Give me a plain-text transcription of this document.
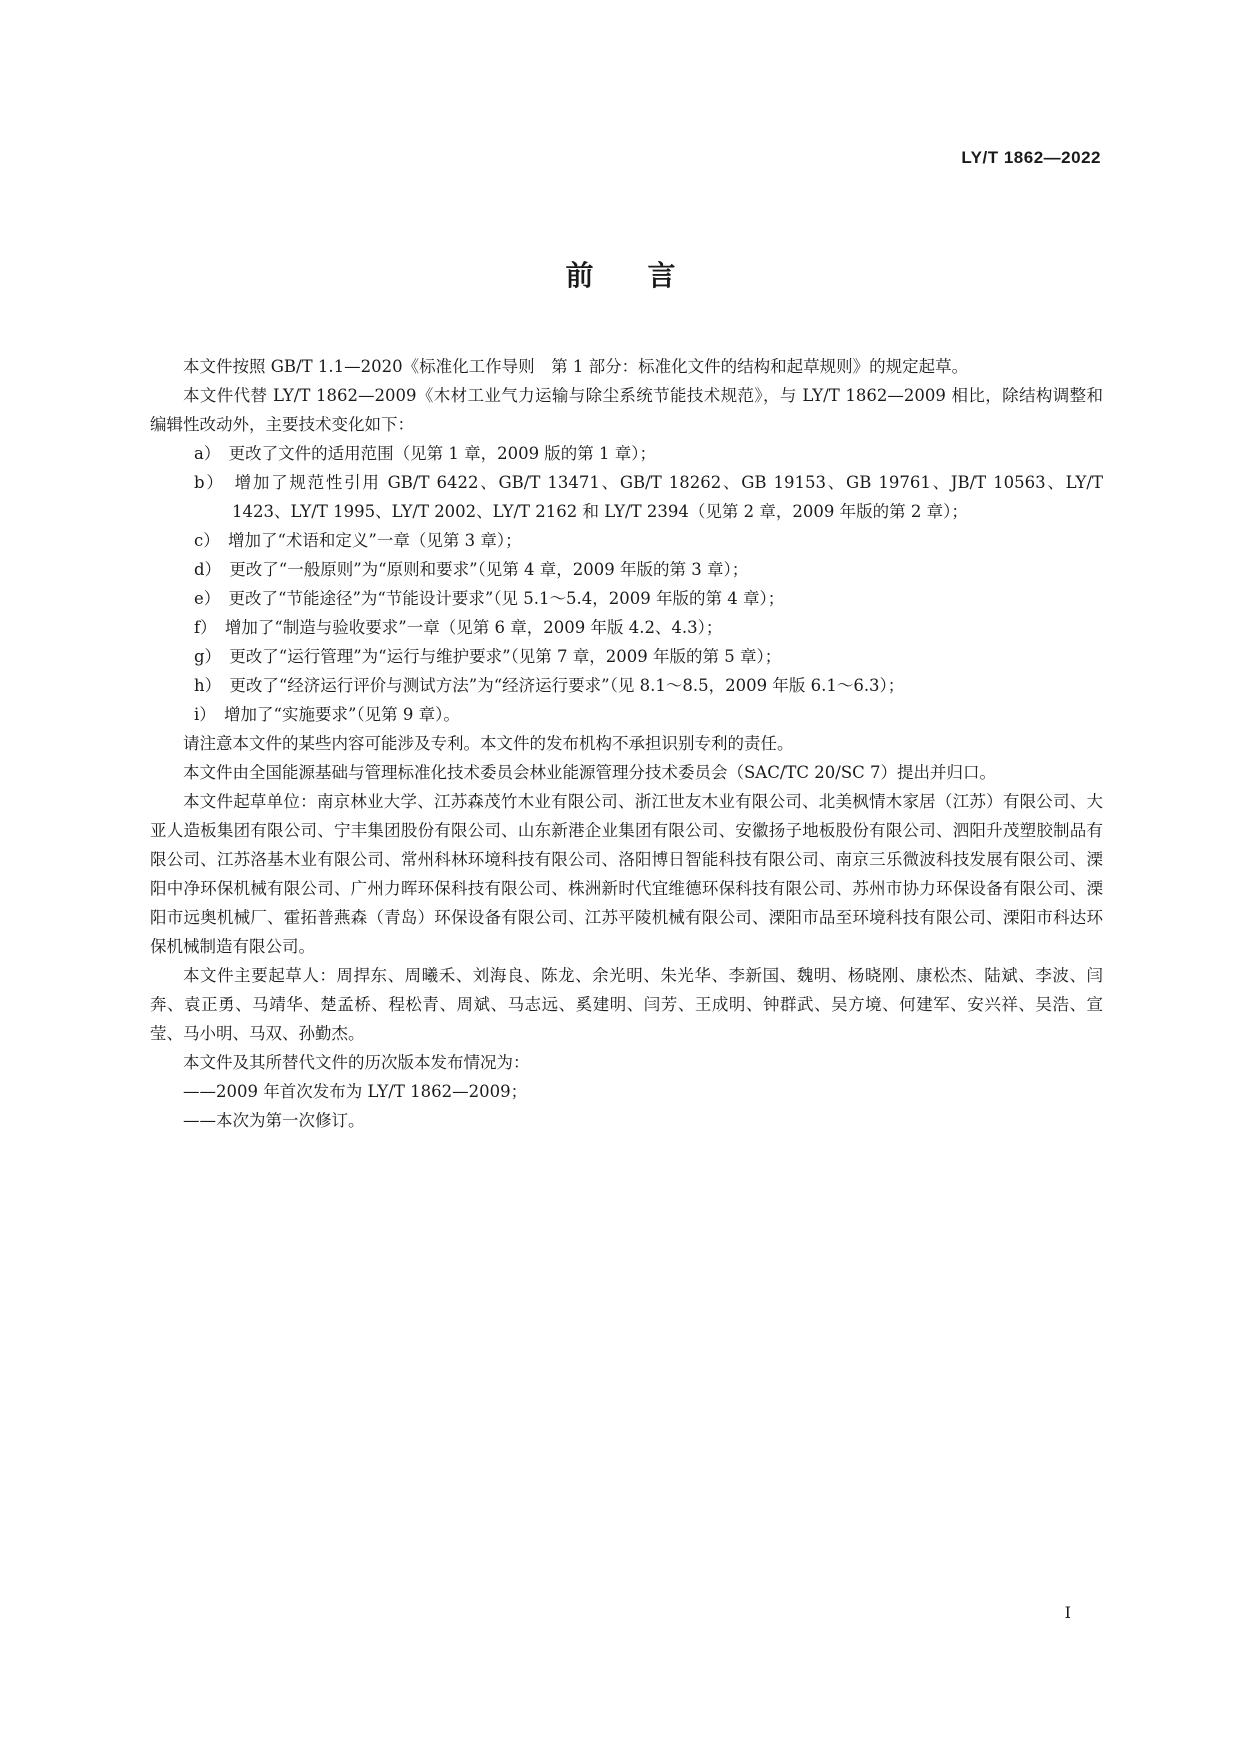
LY/T 1862—2022
前言

本文件按照 GB/T 1.1—2020《标准化工作导则　第 1 部分：标准化文件的结构和起草规则》的规定起草。

本文件代替 LY/T 1862—2009《木材工业气力运输与除尘系统节能技术规范》，与 LY/T 1862—2009 相比，除结构调整和编辑性改动外，主要技术变化如下：

a）　更改了文件的适用范围（见第 1 章，2009 版的第 1 章）；

b）　增加了规范性引用 GB/T 6422、GB/T 13471、GB/T 18262、GB 19153、GB 19761、JB/T 10563、LY/T 1423、LY/T 1995、LY/T 2002、LY/T 2162 和 LY/T 2394（见第 2 章，2009 年版的第 2 章）；

c）　增加了“术语和定义”一章（见第 3 章）；

d）　更改了“一般原则”为“原则和要求”（见第 4 章，2009 年版的第 3 章）；

e）　更改了“节能途径”为“节能设计要求”（见 5.1～5.4，2009 年版的第 4 章）；

f）　增加了“制造与验收要求”一章（见第 6 章，2009 年版 4.2、4.3）；

g）　更改了“运行管理”为“运行与维护要求”（见第 7 章，2009 年版的第 5 章）；

h）　更改了“经济运行评价与测试方法”为“经济运行要求”（见 8.1～8.5，2009 年版 6.1～6.3）；

i）　增加了“实施要求”（见第 9 章）。

请注意本文件的某些内容可能涉及专利。本文件的发布机构不承担识别专利的责任。

本文件由全国能源基础与管理标准化技术委员会林业能源管理分技术委员会（SAC/TC 20/SC 7）提出并归口。

本文件起草单位：南京林业大学、江苏森茂竹木业有限公司、浙江世友木业有限公司、北美枫情木家居（江苏）有限公司、大亚人造板集团有限公司、宁丰集团股份有限公司、山东新港企业集团有限公司、安徽扬子地板股份有限公司、泗阳升茂塑胶制品有限公司、江苏洛基木业有限公司、常州科林环境科技有限公司、洛阳博日智能科技有限公司、南京三乐微波科技发展有限公司、溧阳中净环保机械有限公司、广州力晖环保科技有限公司、株洲新时代宜维德环保科技有限公司、苏州市协力环保设备有限公司、溧阳市远奥机械厂、霍拓普燕森（青岛）环保设备有限公司、江苏平陵机械有限公司、溧阳市品至环境科技有限公司、溧阳市科达环保机械制造有限公司。

本文件主要起草人：周捍东、周曦禾、刘海良、陈龙、余光明、朱光华、李新国、魏明、杨晓刚、康松杰、陆斌、李波、闫奔、袁正勇、马靖华、楚孟桥、程松青、周斌、马志远、奚建明、闫芳、王成明、钟群武、吴方境、何建军、安兴祥、吴浩、宣莹、马小明、马双、孙勤杰。

本文件及其所替代文件的历次版本发布情况为：

——2009 年首次发布为 LY/T 1862—2009；

——本次为第一次修订。

I
